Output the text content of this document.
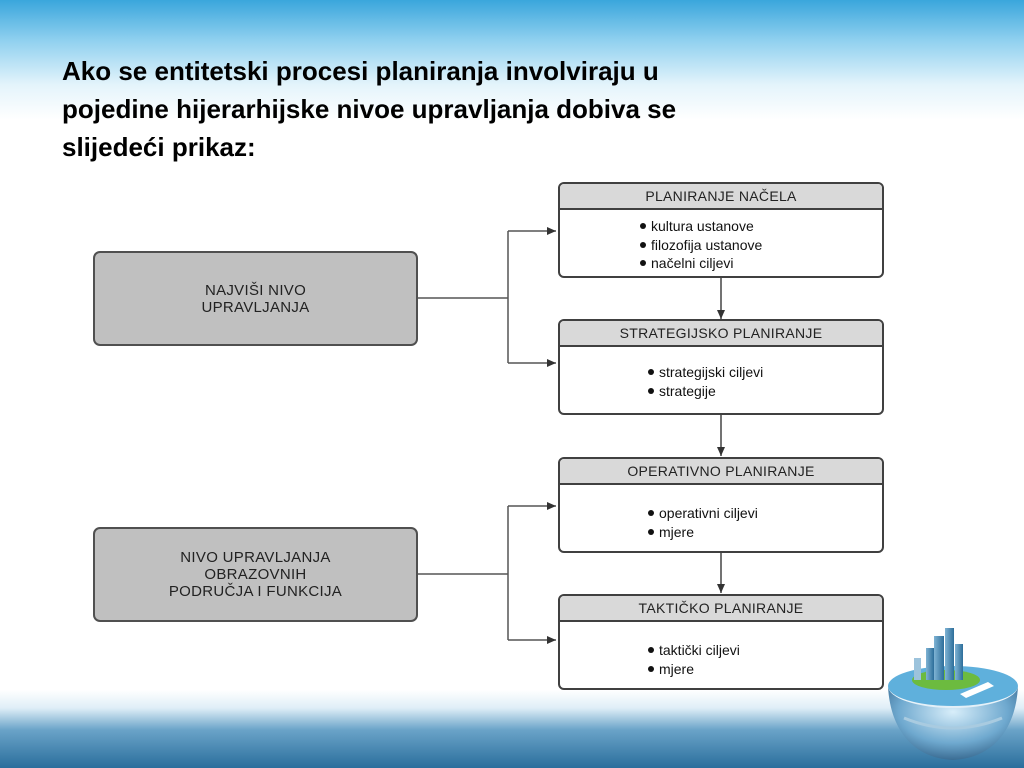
Ako se entitetski procesi planiranja involviraju u
pojedine hijerarhijske nivoe upravljanja dobiva se
slijedeći prikaz:
NAJVIŠI NIVO
UPRAVLJANJA
NIVO UPRAVLJANJA
OBRAZOVNIH
PODRUČJA I FUNKCIJA
PLANIRANJE NAČELA
kultura ustanove
filozofija ustanove
načelni ciljevi
STRATEGIJSKO PLANIRANJE
strategijski ciljevi
strategije
OPERATIVNO PLANIRANJE
operativni ciljevi
mjere
TAKTIČKO PLANIRANJE
taktički ciljevi
mjere
